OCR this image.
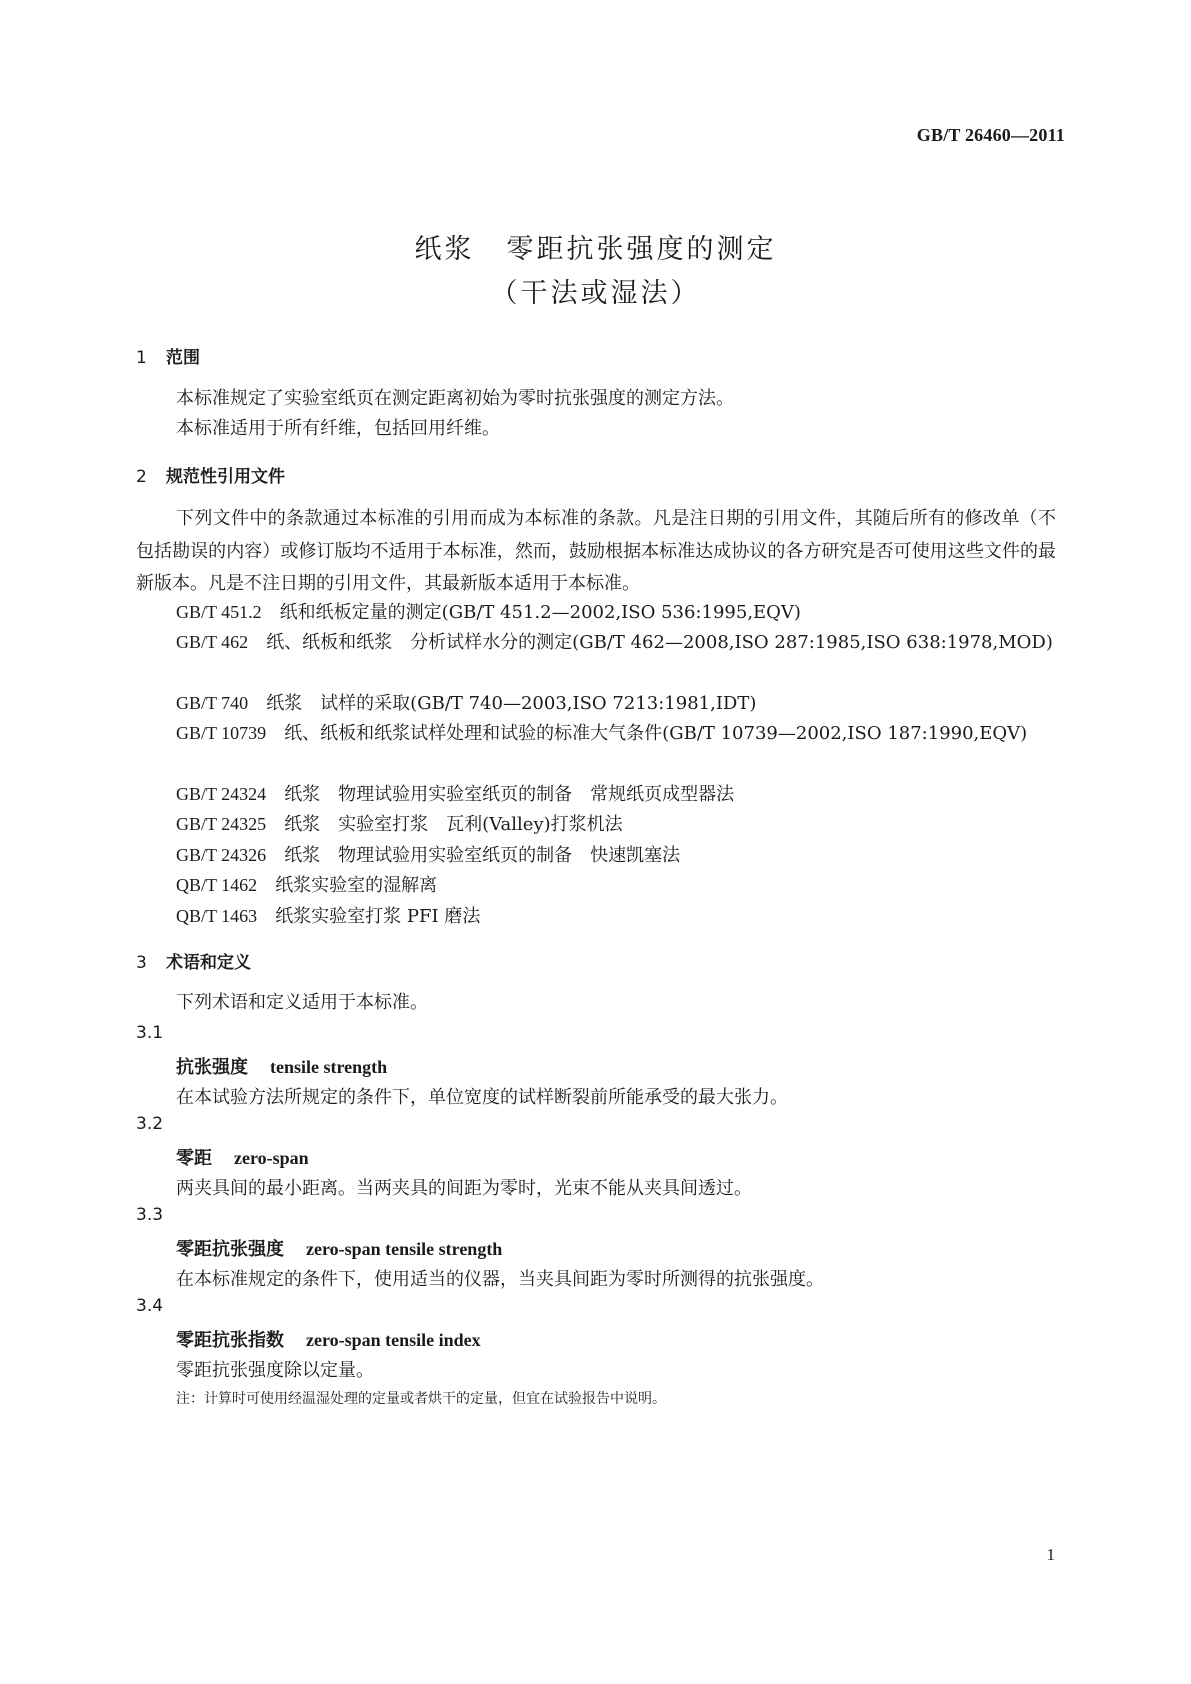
GB/T 26460—2011
纸浆 零距抗张强度的测定
（干法或湿法）
1 范围
本标准规定了实验室纸页在测定距离初始为零时抗张强度的测定方法。
本标准适用于所有纤维，包括回用纤维。
2 规范性引用文件
下列文件中的条款通过本标准的引用而成为本标准的条款。凡是注日期的引用文件，其随后所有的修改单（不包括勘误的内容）或修订版均不适用于本标准，然而，鼓励根据本标准达成协议的各方研究是否可使用这些文件的最新版本。凡是不注日期的引用文件，其最新版本适用于本标准。
GB/T 451.2 纸和纸板定量的测定(GB/T 451.2—2002,ISO 536:1995,EQV)
GB/T 462 纸、纸板和纸浆　分析试样水分的测定(GB/T 462—2008,ISO 287:1985,ISO 638:1978,MOD)
GB/T 740 纸浆　试样的采取(GB/T 740—2003,ISO 7213:1981,IDT)
GB/T 10739 纸、纸板和纸浆试样处理和试验的标准大气条件(GB/T 10739—2002,ISO 187:1990,EQV)
GB/T 24324 纸浆　物理试验用实验室纸页的制备　常规纸页成型器法
GB/T 24325 纸浆　实验室打浆　瓦利(Valley)打浆机法
GB/T 24326 纸浆　物理试验用实验室纸页的制备　快速凯塞法
QB/T 1462 纸浆实验室的湿解离
QB/T 1463 纸浆实验室打浆 PFI 磨法
3 术语和定义
下列术语和定义适用于本标准。
3.1
抗张强度 tensile strength
在本试验方法所规定的条件下，单位宽度的试样断裂前所能承受的最大张力。
3.2
零距 zero-span
两夹具间的最小距离。当两夹具的间距为零时，光束不能从夹具间透过。
3.3
零距抗张强度 zero-span tensile strength
在本标准规定的条件下，使用适当的仪器，当夹具间距为零时所测得的抗张强度。
3.4
零距抗张指数 zero-span tensile index
零距抗张强度除以定量。
注：计算时可使用经温湿处理的定量或者烘干的定量，但宜在试验报告中说明。
1
